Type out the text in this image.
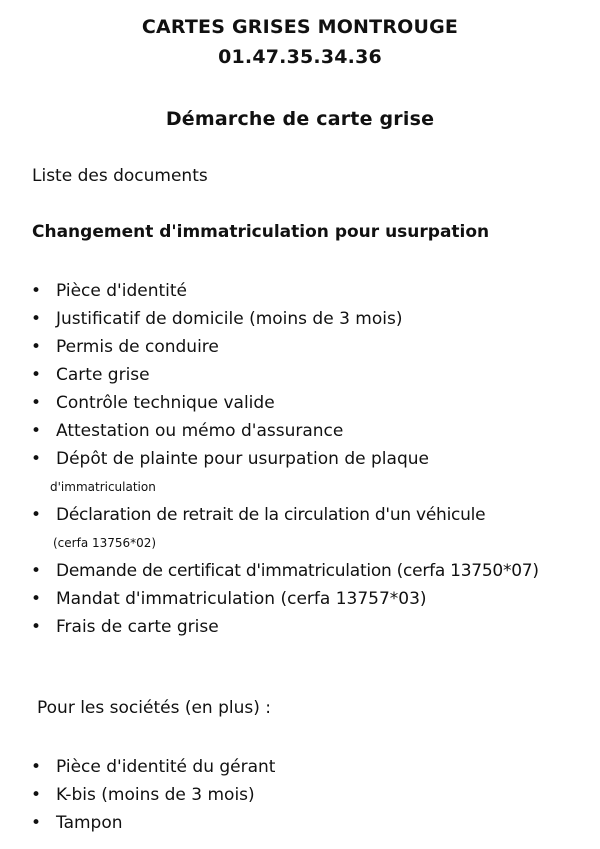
CARTES GRISES MONTROUGE
01.47.35.34.36
Démarche de carte grise
Liste des documents
Changement d'immatriculation pour usurpation
• Pièce d'identité
• Justificatif de domicile (moins de 3 mois)
• Permis de conduire
• Carte grise
• Contrôle technique valide
• Attestation ou mémo d'assurance
• Dépôt de plainte pour usurpation de plaque
d'immatriculation
• Déclaration de retrait de la circulation d'un véhicule
(cerfa 13756*02)
• Demande de certificat d'immatriculation (cerfa 13750*07)
• Mandat d'immatriculation (cerfa 13757*03)
• Frais de carte grise
Pour les sociétés (en plus) :
• Pièce d'identité du gérant
• K-bis (moins de 3 mois)
• Tampon
